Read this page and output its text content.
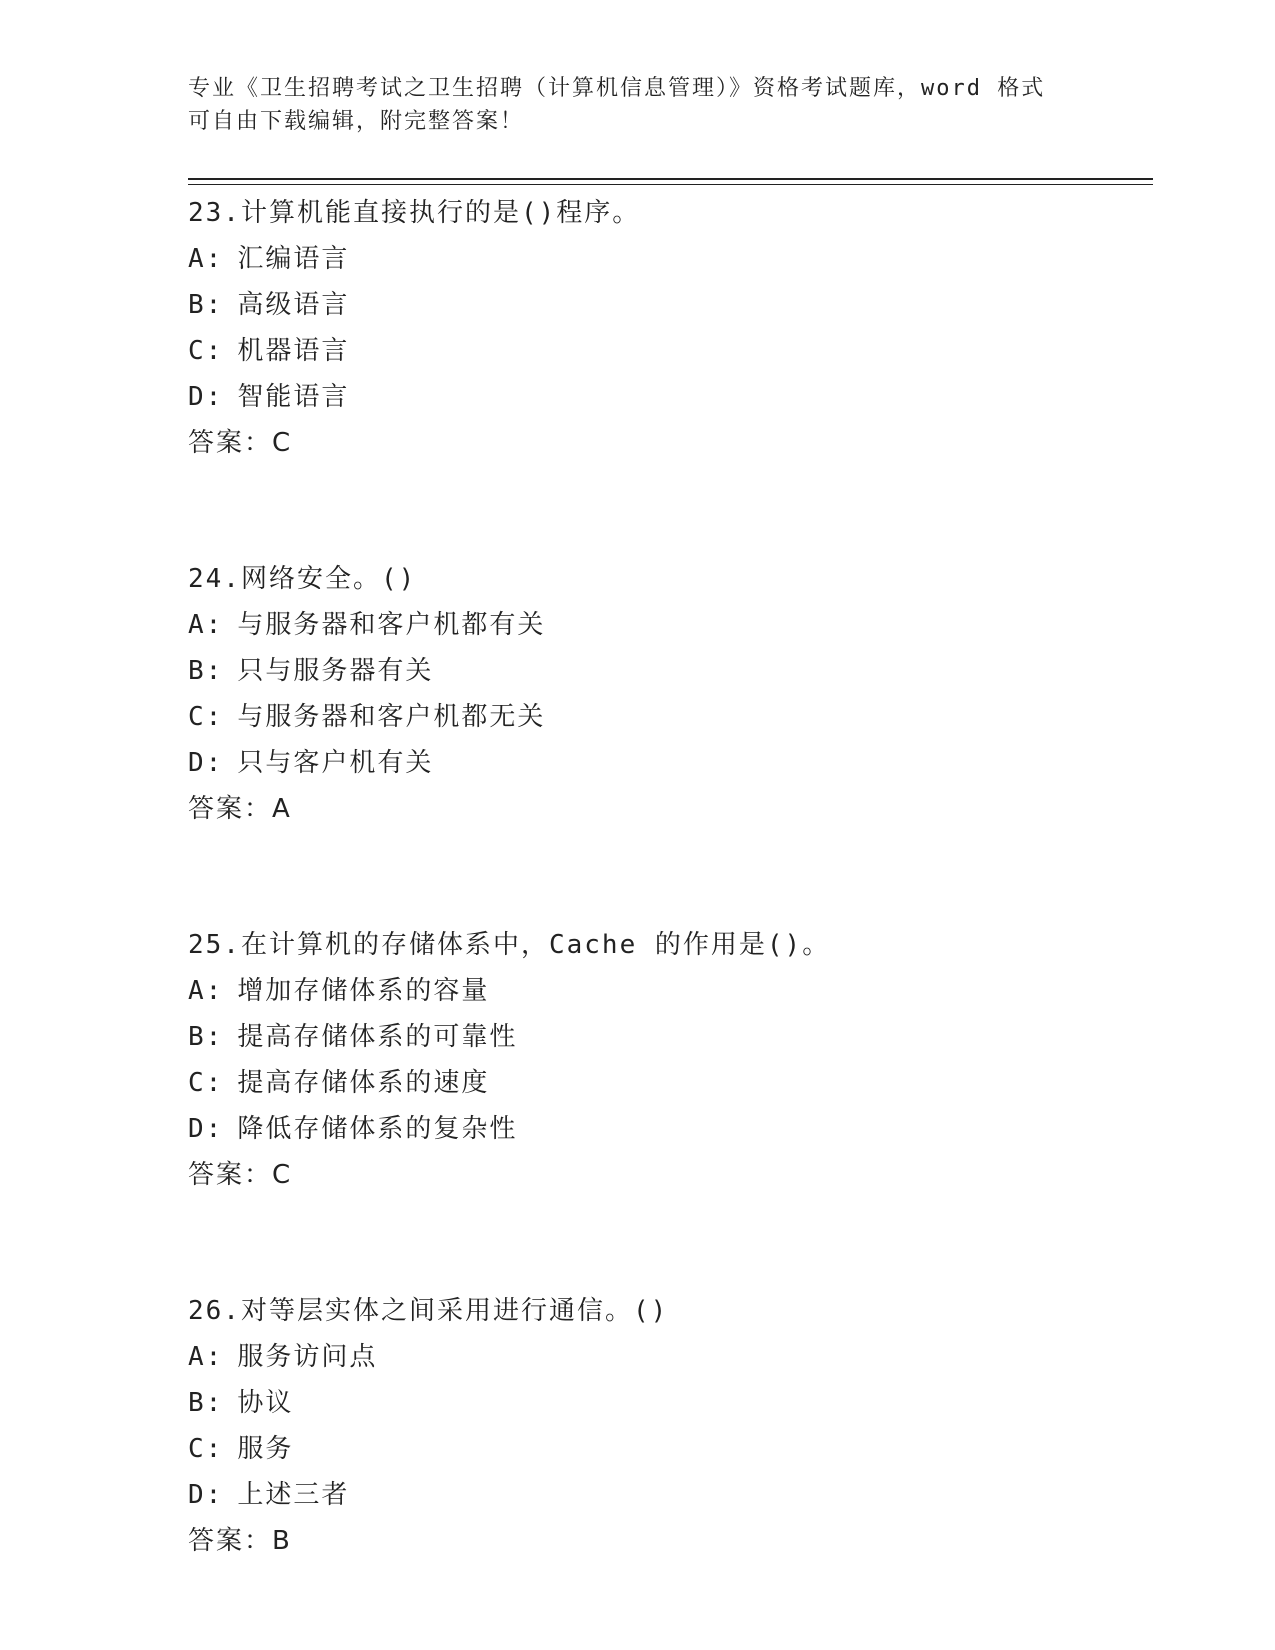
专业《卫生招聘考试之卫生招聘（计算机信息管理）》资格考试题库，word 格式
可自由下载编辑，附完整答案！
23.计算机能直接执行的是()程序。
A: 汇编语言
B: 高级语言
C: 机器语言
D: 智能语言
答案：C
24.网络安全。()
A: 与服务器和客户机都有关
B: 只与服务器有关
C: 与服务器和客户机都无关
D: 只与客户机有关
答案：A
25.在计算机的存储体系中，Cache 的作用是()。
A: 增加存储体系的容量
B: 提高存储体系的可靠性
C: 提高存储体系的速度
D: 降低存储体系的复杂性
答案：C
26.对等层实体之间采用进行通信。()
A: 服务访问点
B: 协议
C: 服务
D: 上述三者
答案：B
